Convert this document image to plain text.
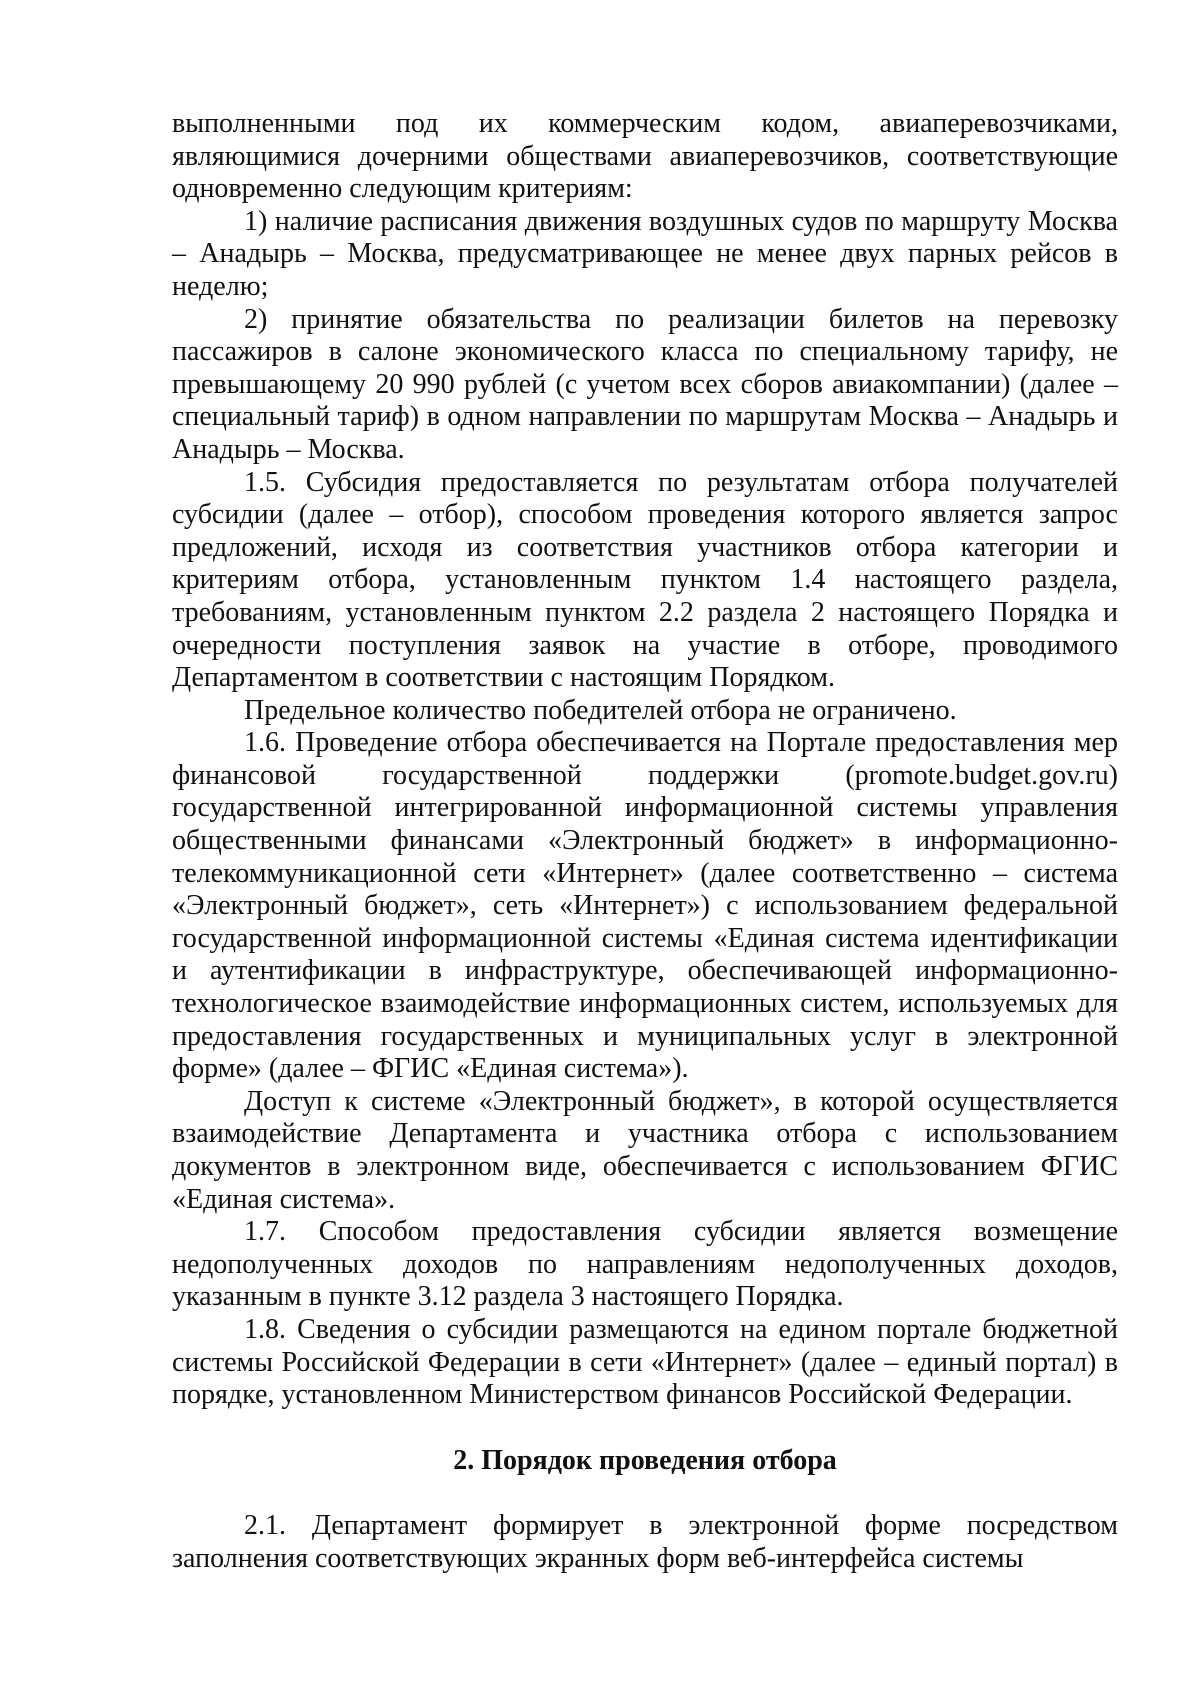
выполненными под их коммерческим кодом, авиаперевозчиками, являющимися дочерними обществами авиаперевозчиков, соответствующие одновременно следующим критериям:

1) наличие расписания движения воздушных судов по маршруту Москва – Анадырь – Москва, предусматривающее не менее двух парных рейсов в неделю;

2) принятие обязательства по реализации билетов на перевозку пассажиров в салоне экономического класса по специальному тарифу, не превышающему 20 990 рублей (с учетом всех сборов авиакомпании) (далее – специальный тариф) в одном направлении по маршрутам Москва – Анадырь и Анадырь – Москва.

1.5. Субсидия предоставляется по результатам отбора получателей субсидии (далее – отбор), способом проведения которого является запрос предложений, исходя из соответствия участников отбора категории и критериям отбора, установленным пунктом 1.4 настоящего раздела, требованиям, установленным пунктом 2.2 раздела 2 настоящего Порядка и очередности поступления заявок на участие в отборе, проводимого Департаментом в соответствии с настоящим Порядком.

Предельное количество победителей отбора не ограничено.

1.6. Проведение отбора обеспечивается на Портале предоставления мер финансовой государственной поддержки (promote.budget.gov.ru) государственной интегрированной информационной системы управления общественными финансами «Электронный бюджет» в информационно-телекоммуникационной сети «Интернет» (далее соответственно – система «Электронный бюджет», сеть «Интернет») с использованием федеральной государственной информационной системы «Единая система идентификации и аутентификации в инфраструктуре, обеспечивающей информационно-технологическое взаимодействие информационных систем, используемых для предоставления государственных и муниципальных услуг в электронной форме» (далее – ФГИС «Единая система»).

Доступ к системе «Электронный бюджет», в которой осуществляется взаимодействие Департамента и участника отбора с использованием документов в электронном виде, обеспечивается с использованием ФГИС «Единая система».

1.7. Способом предоставления субсидии является возмещение недополученных доходов по направлениям недополученных доходов, указанным в пункте 3.12 раздела 3 настоящего Порядка.

1.8. Сведения о субсидии размещаются на едином портале бюджетной системы Российской Федерации в сети «Интернет» (далее – единый портал) в порядке, установленном Министерством финансов Российской Федерации.

2. Порядок проведения отбора

2.1. Департамент формирует в электронной форме посредством заполнения соответствующих экранных форм веб-интерфейса системы
